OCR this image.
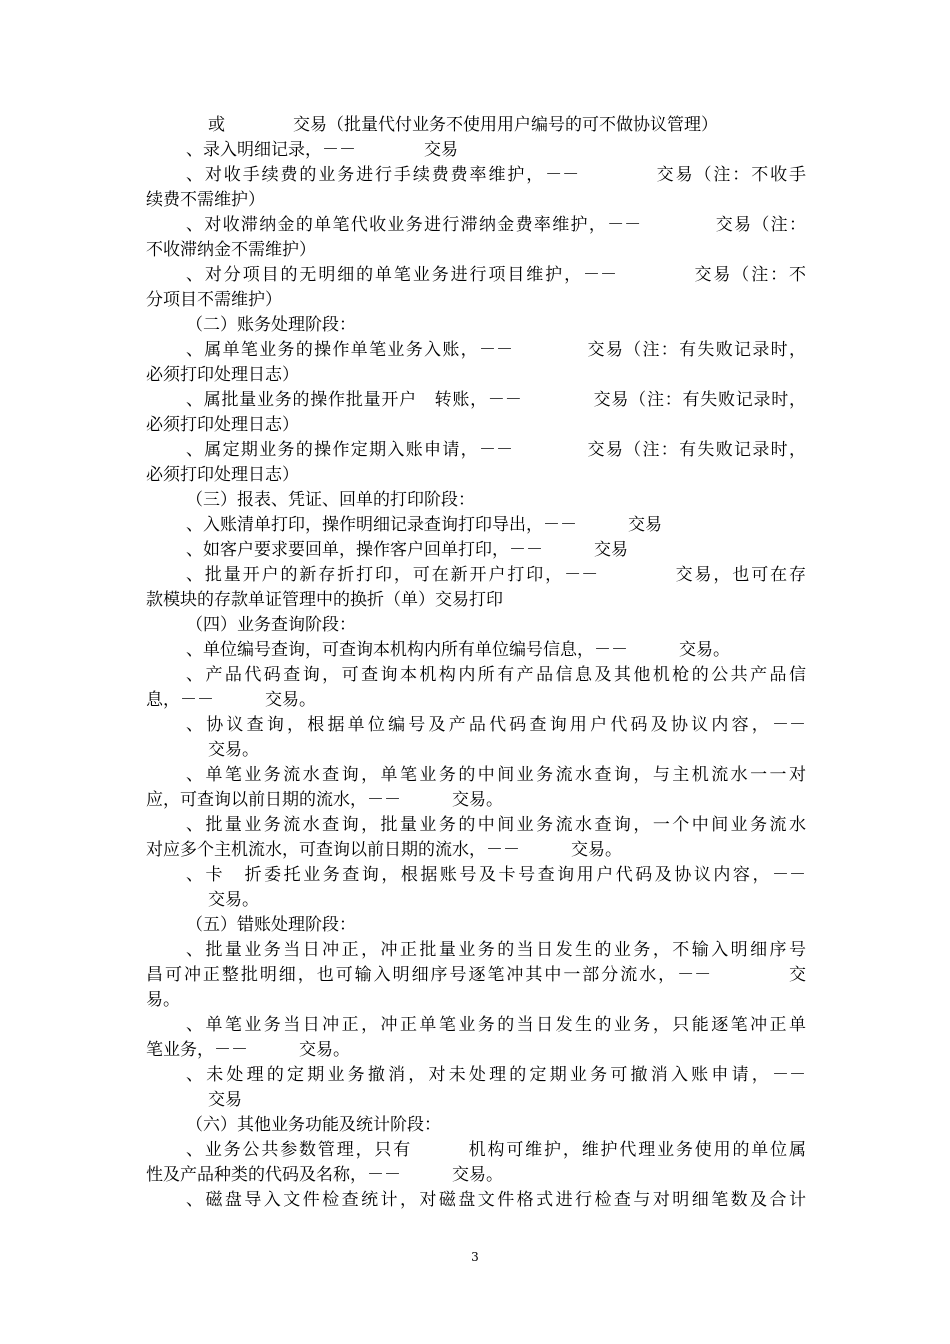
或　　　　交易（批量代付业务不使用用户编号的可不做协议管理）
、录入明细记录，－－　　　　交易
、对收手续费的业务进行手续费费率维护，－－　　　　交易（注：不收手
续费不需维护）
、对收滞纳金的单笔代收业务进行滞纳金费率维护，－－　　　　交易（注：
不收滞纳金不需维护）
、对分项目的无明细的单笔业务进行项目维护，－－　　　　交易（注：不
分项目不需维护）
（二）账务处理阶段：
、属单笔业务的操作单笔业务入账，－－　　　　交易（注：有失败记录时，
必须打印处理日志）
、属批量业务的操作批量开户　转账，－－　　　　交易（注：有失败记录时，
必须打印处理日志）
、属定期业务的操作定期入账申请，－－　　　　交易（注：有失败记录时，
必须打印处理日志）
（三）报表、凭证、回单的打印阶段：
、入账清单打印，操作明细记录查询打印导出，－－　　　交易
、如客户要求要回单，操作客户回单打印，－－　　　交易
、批量开户的新存折打印，可在新开户打印，－－　　　　交易，也可在存
款模块的存款单证管理中的换折（单）交易打印
（四）业务查询阶段：
、单位编号查询，可查询本机构内所有单位编号信息，－－　　　交易。
、产品代码查询，可查询本机构内所有产品信息及其他机枪的公共产品信
息，－－　　　交易。
、协议查询，根据单位编号及产品代码查询用户代码及协议内容，－－
交易。
、单笔业务流水查询，单笔业务的中间业务流水查询，与主机流水一一对
应，可查询以前日期的流水，－－　　　交易。
、批量业务流水查询，批量业务的中间业务流水查询，一个中间业务流水
对应多个主机流水，可查询以前日期的流水，－－　　　交易。
、卡　折委托业务查询，根据账号及卡号查询用户代码及协议内容，－－
交易。
（五）错账处理阶段：
、批量业务当日冲正，冲正批量业务的当日发生的业务，不输入明细序号
昌可冲正整批明细，也可输入明细序号逐笔冲其中一部分流水，－－　　　　交
易。
、单笔业务当日冲正，冲正单笔业务的当日发生的业务，只能逐笔冲正单
笔业务，－－　　　交易。
、未处理的定期业务撤消，对未处理的定期业务可撤消入账申请，－－
交易
（六）其他业务功能及统计阶段：
、业务公共参数管理，只有　　　机构可维护，维护代理业务使用的单位属
性及产品种类的代码及名称，－－　　　交易。
、磁盘导入文件检查统计，对磁盘文件格式进行检查与对明细笔数及合计
3
